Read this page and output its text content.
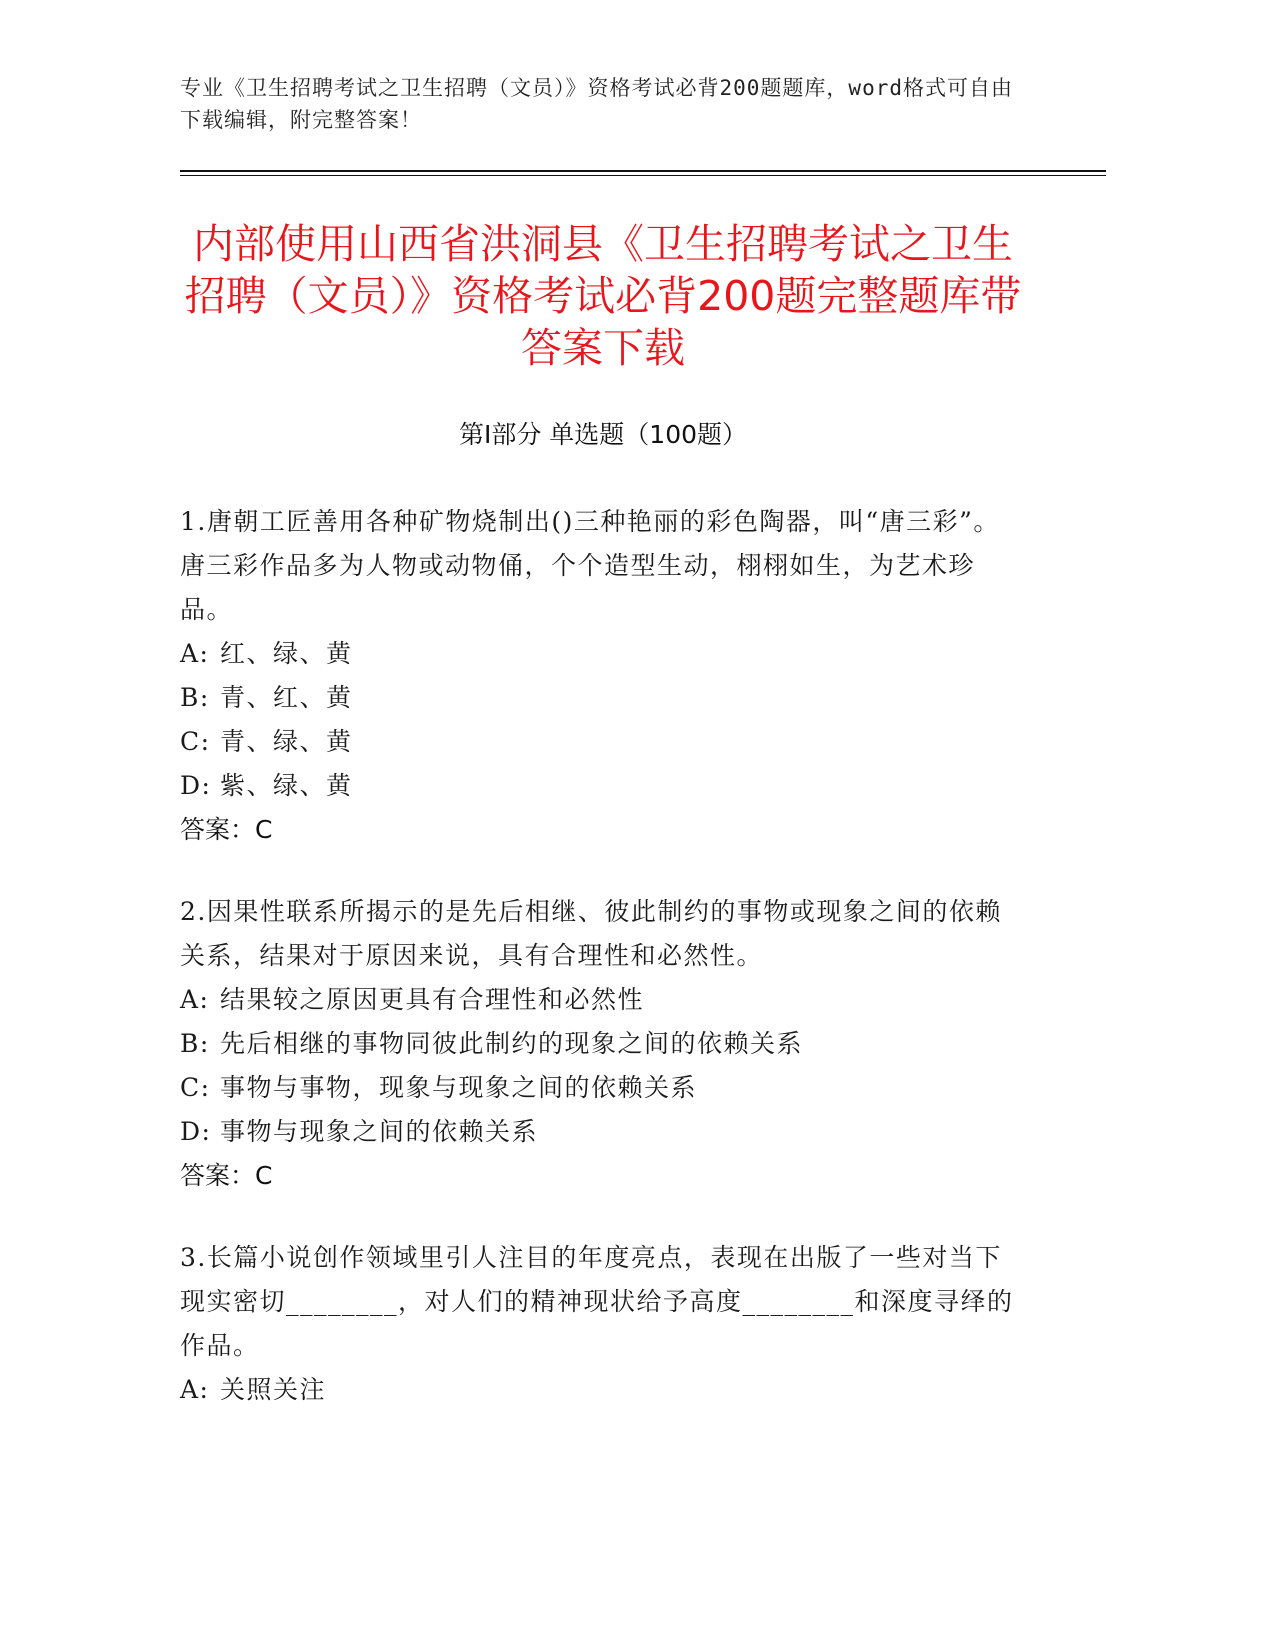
专业《卫生招聘考试之卫生招聘（文员）》资格考试必背200题题库，word格式可自由下载编辑，附完整答案！
内部使用山西省洪洞县《卫生招聘考试之卫生招聘（文员）》资格考试必背200题完整题库带答案下载
第Ⅰ部分 单选题（100题）

1.唐朝工匠善用各种矿物烧制出()三种艳丽的彩色陶器，叫“唐三彩”。唐三彩作品多为人物或动物俑，个个造型生动，栩栩如生，为艺术珍品。

A: 红、绿、黄

B: 青、红、黄

C: 青、绿、黄

D: 紫、绿、黄

答案：C

2.因果性联系所揭示的是先后相继、彼此制约的事物或现象之间的依赖关系，结果对于原因来说，具有合理性和必然性。

A: 结果较之原因更具有合理性和必然性

B: 先后相继的事物同彼此制约的现象之间的依赖关系

C: 事物与事物，现象与现象之间的依赖关系

D: 事物与现象之间的依赖关系

答案：C

3.长篇小说创作领域里引人注目的年度亮点，表现在出版了一些对当下现实密切________，对人们的精神现状给予高度________和深度寻绎的作品。

A: 关照关注
